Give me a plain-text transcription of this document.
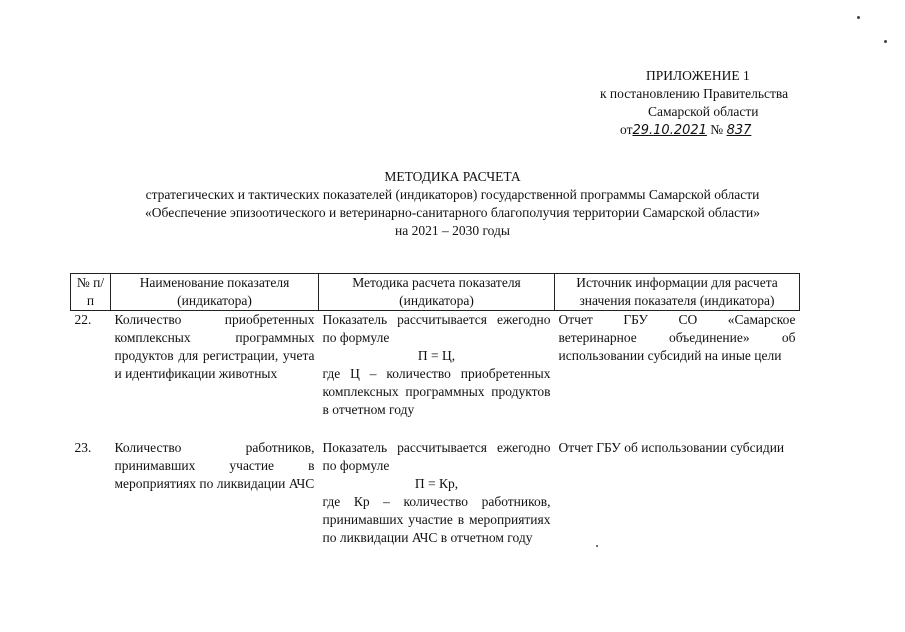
ПРИЛОЖЕНИЕ 1
к постановлению Правительства
Самарской области
от29.10.2021 № 837
МЕТОДИКА РАСЧЕТА
стратегических и тактических показателей (индикаторов) государственной программы Самарской области
«Обеспечение эпизоотического и ветеринарно-санитарного благополучия территории Самарской области»
на 2021 – 2030 годы
№ п/п	Наименование показателя (индикатора)	Методика расчета показателя (индикатора)	Источник информации для расчета значения показателя (индикатора)
22.	Количество приобретенных комплексных программных продуктов для регистрации, учета и идентификации животных	Показатель рассчитывается ежегодно по формуле
П = Ц,
где Ц – количество приобретенных комплексных программных продуктов в отчетном году	Отчет ГБУ СО «Самарское ветеринарное объединение» об использовании субсидий на иные цели

23.	Количество работников, принимавших участие в мероприятиях по ликвидации АЧС	Показатель рассчитывается ежегодно по формуле
П = Кр,
где Кр – количество работников, принимавших участие в мероприятиях по ликвидации АЧС в отчетном году	Отчет ГБУ об использовании субсидии
